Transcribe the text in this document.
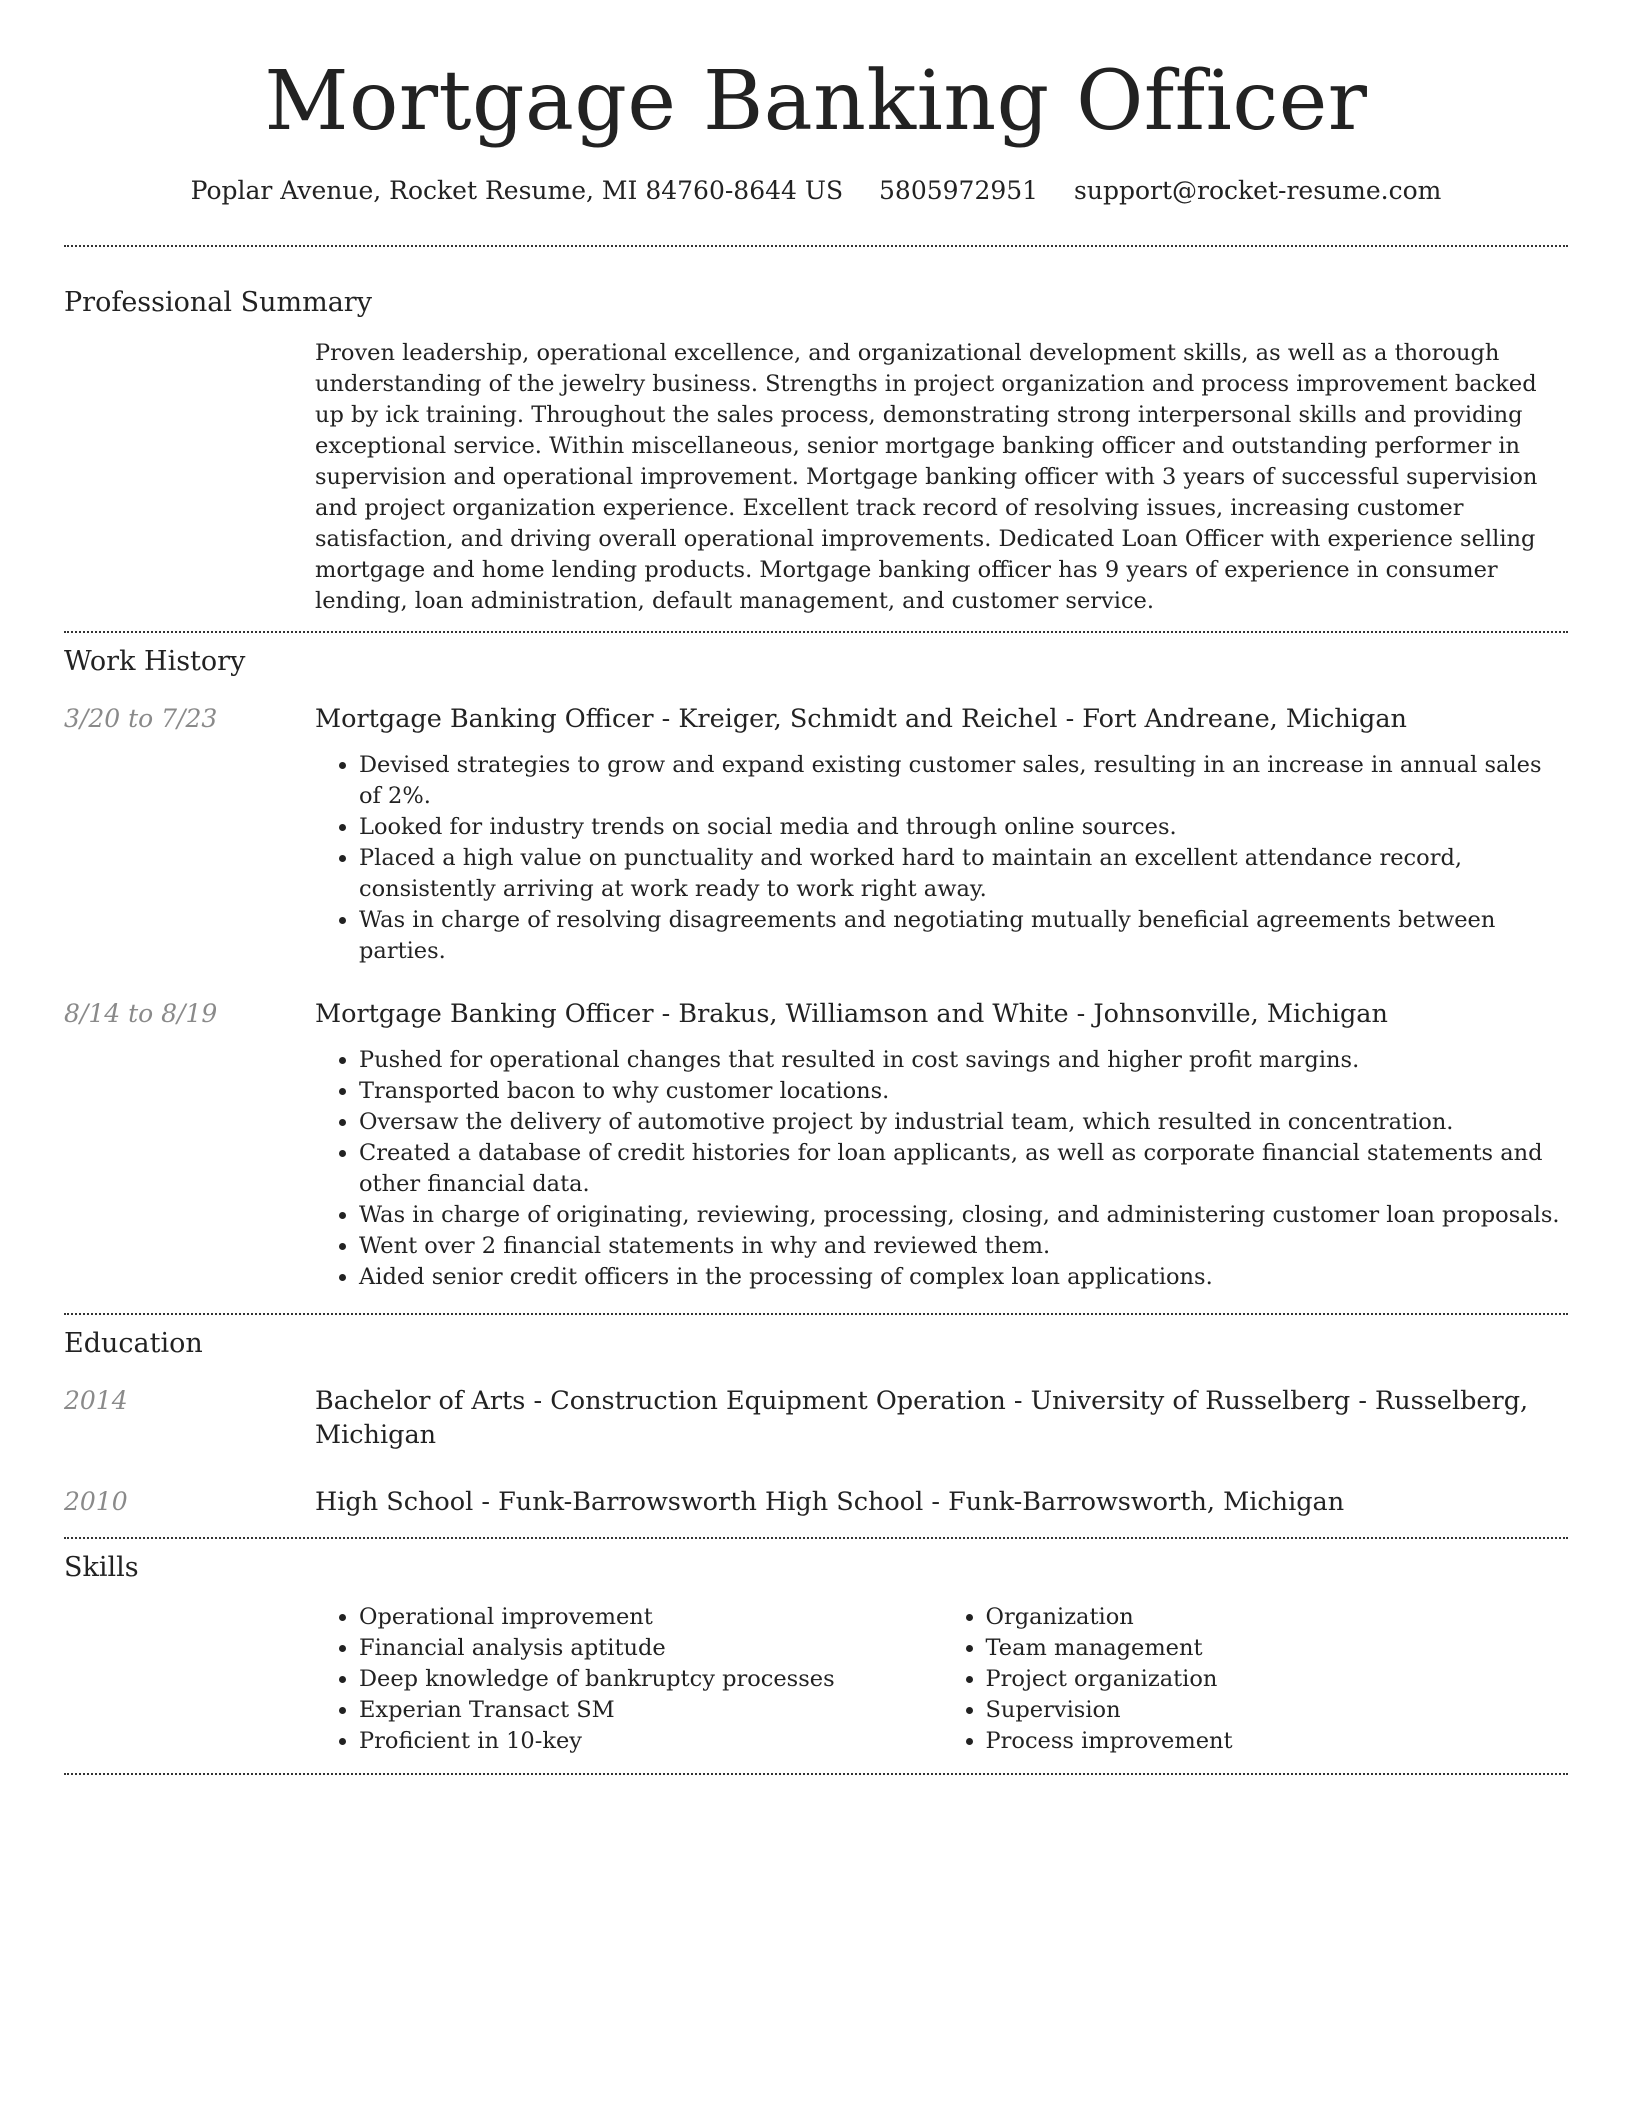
Mortgage Banking Officer
Poplar Avenue, Rocket Resume, MI 84760-8644 US 5805972951 support@rocket-resume.com
Professional Summary

Proven leadership, operational excellence, and organizational development skills, as well as a thorough understanding of the jewelry business. Strengths in project organization and process improvement backed up by ick training. Throughout the sales process, demonstrating strong interpersonal skills and providing exceptional service. Within miscellaneous, senior mortgage banking officer and outstanding performer in supervision and operational improvement. Mortgage banking officer with 3 years of successful supervision and project organization experience. Excellent track record of resolving issues, increasing customer satisfaction, and driving overall operational improvements. Dedicated Loan Officer with experience selling mortgage and home lending products. Mortgage banking officer has 9 years of experience in consumer lending, loan administration, default management, and customer service.

Work History
3/20 to 7/23	Mortgage Banking Officer - Kreiger, Schmidt and Reichel - Fort Andreane, Michigan
• Devised strategies to grow and expand existing customer sales, resulting in an increase in annual sales of 2%.
• Looked for industry trends on social media and through online sources.
• Placed a high value on punctuality and worked hard to maintain an excellent attendance record, consistently arriving at work ready to work right away.
• Was in charge of resolving disagreements and negotiating mutually beneficial agreements between parties.
8/14 to 8/19	Mortgage Banking Officer - Brakus, Williamson and White - Johnsonville, Michigan
• Pushed for operational changes that resulted in cost savings and higher profit margins.
• Transported bacon to why customer locations.
• Oversaw the delivery of automotive project by industrial team, which resulted in concentration.
• Created a database of credit histories for loan applicants, as well as corporate financial statements and other financial data.
• Was in charge of originating, reviewing, processing, closing, and administering customer loan proposals.
• Went over 2 financial statements in why and reviewed them.
• Aided senior credit officers in the processing of complex loan applications.
Education
2014	Bachelor of Arts - Construction Equipment Operation - University of Russelberg - Russelberg, Michigan
2010	High School - Funk-Barrowsworth High School - Funk-Barrowsworth, Michigan
Skills
• Operational improvement
• Financial analysis aptitude
• Deep knowledge of bankruptcy processes
• Experian Transact SM
• Proficient in 10-key
• Organization
• Team management
• Project organization
• Supervision
• Process improvement
